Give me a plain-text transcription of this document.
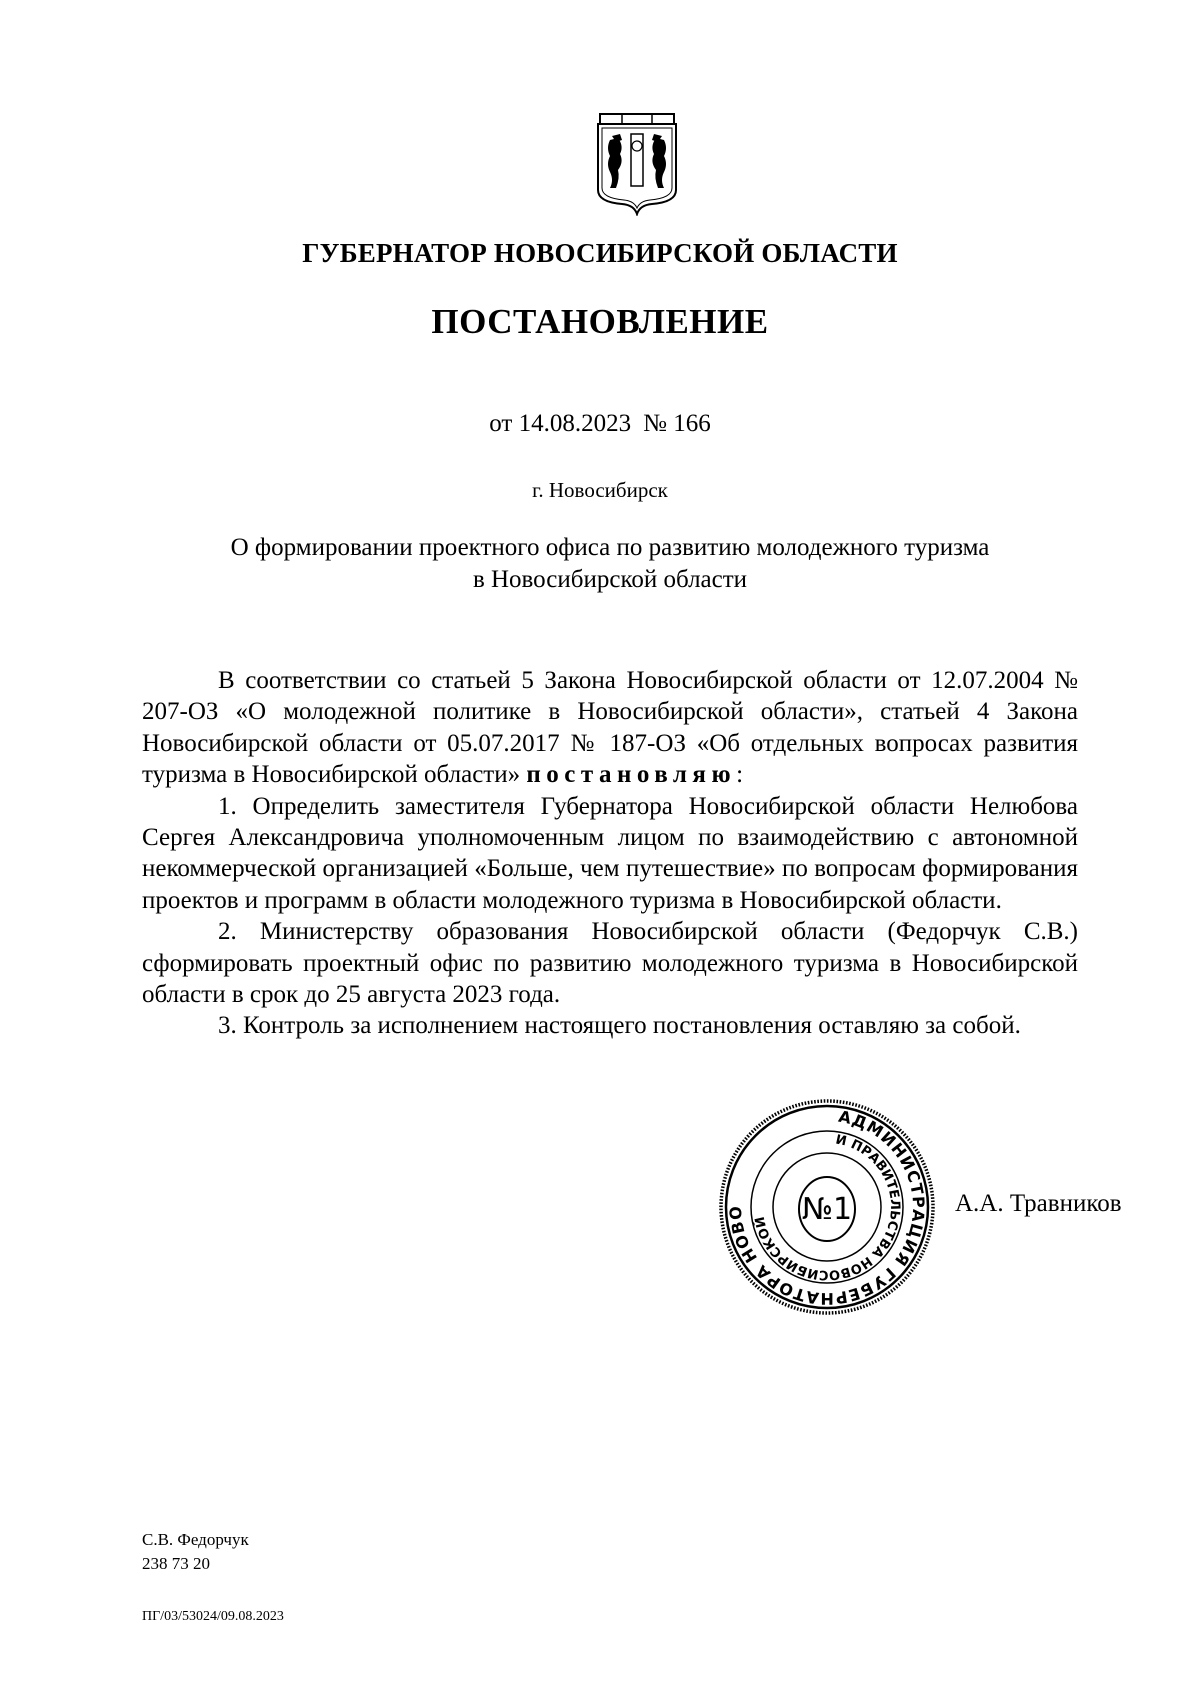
ГУБЕРНАТОР НОВОСИБИРСКОЙ ОБЛАСТИ
ПОСТАНОВЛЕНИЕ
от 14.08.2023 № 166
г. Новосибирск
О формировании проектного офиса по развитию молодежного туризма
в Новосибирской области

В соответствии со статьей 5 Закона Новосибирской области от 12.07.2004 № 207-ОЗ «О молодежной политике в Новосибирской области», статьей 4 Закона Новосибирской области от 05.07.2017 № 187-ОЗ «Об отдельных вопросах развития туризма в Новосибирской области» постановляю:

1. Определить заместителя Губернатора Новосибирской области Нелюбова Сергея Александровича уполномоченным лицом по взаимодействию с автономной некоммерческой организацией «Больше, чем путешествие» по вопросам формирования проектов и программ в области молодежного туризма в Новосибирской области.

2. Министерству образования Новосибирской области (Федорчук С.В.) сформировать проектный офис по развитию молодежного туризма в Новосибирской области в срок до 25 августа 2023 года.

3. Контроль за исполнением настоящего постановления оставляю за собой.

АДМИНИСТРАЦИЯ ГУБЕРНАТОРА НОВО
И ПРАВИТЕЛЬСТВА НОВОСИБИРСКОЙ	№1	А.А. Травников
С.В. Федорчук
238 73 20
ПГ/03/53024/09.08.2023
